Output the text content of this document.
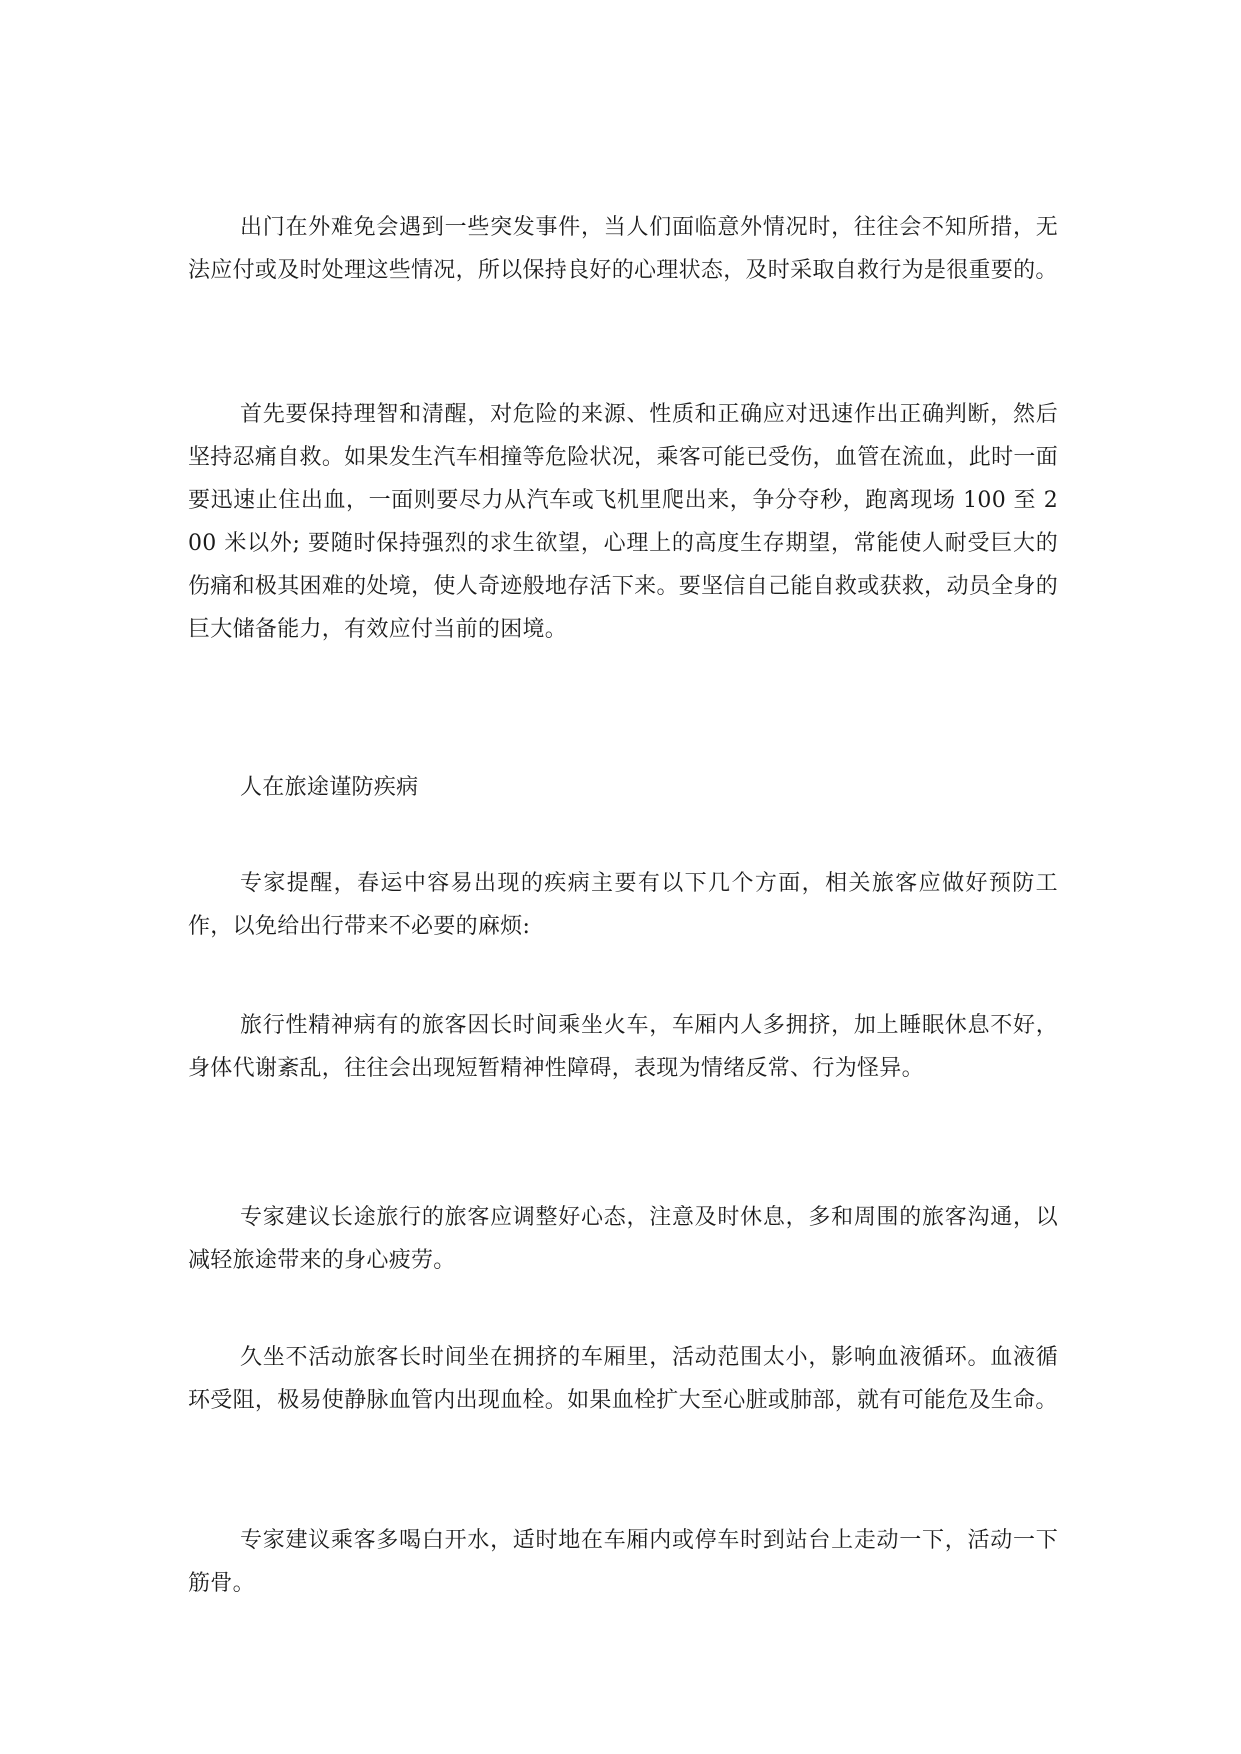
出门在外难免会遇到一些突发事件，当人们面临意外情况时，往往会不知所措，无法应付或及时处理这些情况，所以保持良好的心理状态，及时采取自救行为是很重要的。

首先要保持理智和清醒，对危险的来源、性质和正确应对迅速作出正确判断，然后坚持忍痛自救。如果发生汽车相撞等危险状况，乘客可能已受伤，血管在流血，此时一面要迅速止住出血，一面则要尽力从汽车或飞机里爬出来，争分夺秒，跑离现场 100 至 200 米以外; 要随时保持强烈的求生欲望，心理上的高度生存期望，常能使人耐受巨大的伤痛和极其困难的处境，使人奇迹般地存活下来。要坚信自己能自救或获救，动员全身的巨大储备能力，有效应付当前的困境。

人在旅途谨防疾病

专家提醒，春运中容易出现的疾病主要有以下几个方面，相关旅客应做好预防工作，以免给出行带来不必要的麻烦:

旅行性精神病有的旅客因长时间乘坐火车，车厢内人多拥挤，加上睡眠休息不好，身体代谢紊乱，往往会出现短暂精神性障碍，表现为情绪反常、行为怪异。

专家建议长途旅行的旅客应调整好心态，注意及时休息，多和周围的旅客沟通，以减轻旅途带来的身心疲劳。

久坐不活动旅客长时间坐在拥挤的车厢里，活动范围太小，影响血液循环。血液循环受阻，极易使静脉血管内出现血栓。如果血栓扩大至心脏或肺部，就有可能危及生命。

专家建议乘客多喝白开水，适时地在车厢内或停车时到站台上走动一下，活动一下筋骨。
